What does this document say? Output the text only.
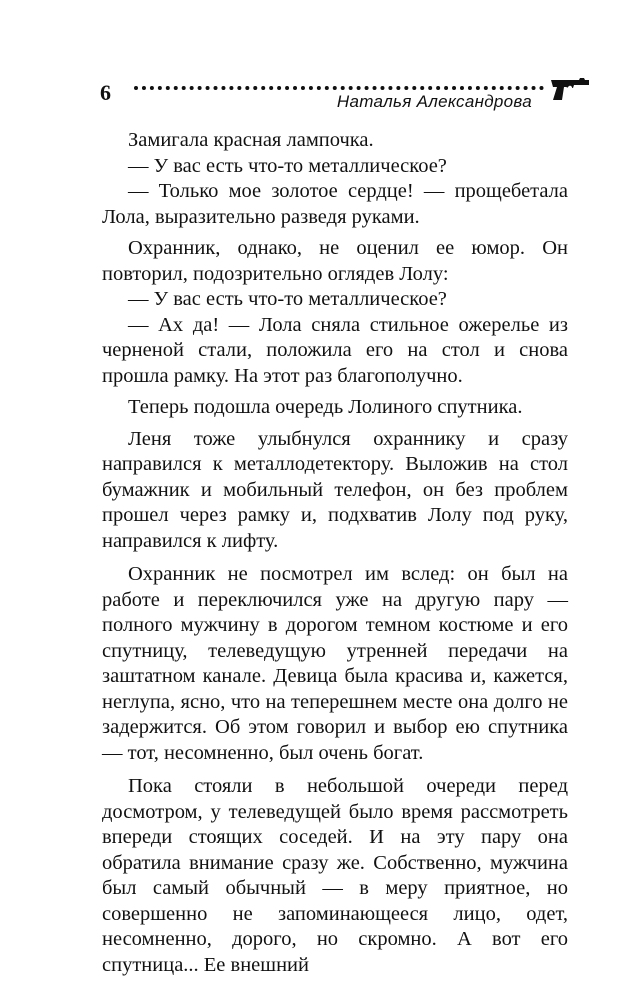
6	Наталья Александрова

Замигала красная лампочка.

— У вас есть что-то металлическое?

— Только мое золотое сердце! — прощебетала Лола, выразительно разведя руками.

Охранник, однако, не оценил ее юмор. Он повторил, подозрительно оглядев Лолу:

— У вас есть что-то металлическое?

— Ах да! — Лола сняла стильное ожерелье из черненой стали, положила его на стол и снова прошла рамку. На этот раз благополучно.

Теперь подошла очередь Лолиного спутника.

Леня тоже улыбнулся охраннику и сразу направился к металлодетектору. Выложив на стол бумажник и мобильный телефон, он без проблем прошел через рамку и, подхватив Лолу под руку, направился к лифту.

Охранник не посмотрел им вслед: он был на работе и переключился уже на другую пару — полного мужчину в дорогом темном костюме и его спутницу, телеведущую утренней передачи на заштатном канале. Девица была красива и, кажется, неглупа, ясно, что на теперешнем месте она долго не задержится. Об этом говорил и выбор ею спутника — тот, несомненно, был очень богат.

Пока стояли в небольшой очереди перед досмотром, у телеведущей было время рассмотреть впереди стоящих соседей. И на эту пару она обратила внимание сразу же. Собственно, мужчина был самый обычный — в меру приятное, но совершенно не запоминающееся лицо, одет, несомненно, дорого, но скромно. А вот его спутница... Ее внешний
